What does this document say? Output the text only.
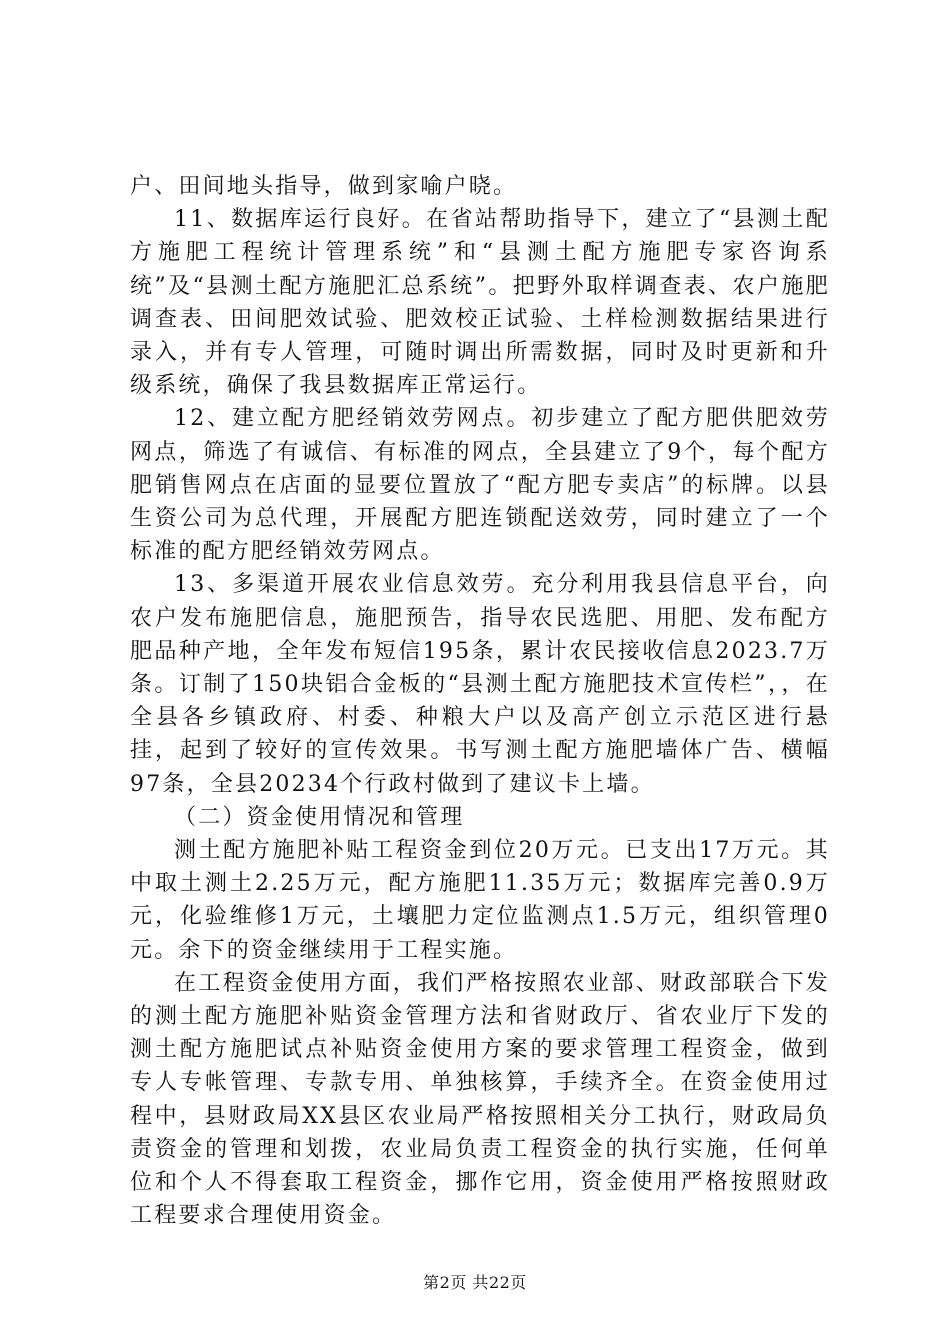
户、田间地头指导，做到家喻户晓。

11、数据库运行良好。在省站帮助指导下，建立了“县测土配方施肥工程统计管理系统”和“县测土配方施肥专家咨询系统”及“县测土配方施肥汇总系统”。把野外取样调查表、农户施肥调查表、田间肥效试验、肥效校正试验、土样检测数据结果进行录入，并有专人管理，可随时调出所需数据，同时及时更新和升级系统，确保了我县数据库正常运行。

12、建立配方肥经销效劳网点。初步建立了配方肥供肥效劳网点，筛选了有诚信、有标准的网点，全县建立了9个，每个配方肥销售网点在店面的显要位置放了“配方肥专卖店”的标牌。以县生资公司为总代理，开展配方肥连锁配送效劳，同时建立了一个标准的配方肥经销效劳网点。

13、多渠道开展农业信息效劳。充分利用我县信息平台，向农户发布施肥信息，施肥预告，指导农民选肥、用肥、发布配方肥品种产地，全年发布短信195条，累计农民接收信息2023.7万条。订制了150块铝合金板的“县测土配方施肥技术宣传栏”，，在全县各乡镇政府、村委、种粮大户以及高产创立示范区进行悬挂，起到了较好的宣传效果。书写测土配方施肥墙体广告、横幅97条，全县20234个行政村做到了建议卡上墙。

（二）资金使用情况和管理

测土配方施肥补贴工程资金到位20万元。已支出17万元。其中取土测土2.25万元，配方施肥11.35万元；数据库完善0.9万元，化验维修1万元，土壤肥力定位监测点1.5万元，组织管理0元。余下的资金继续用于工程实施。

在工程资金使用方面，我们严格按照农业部、财政部联合下发的测土配方施肥补贴资金管理方法和省财政厅、省农业厅下发的测土配方施肥试点补贴资金使用方案的要求管理工程资金，做到专人专帐管理、专款专用、单独核算，手续齐全。在资金使用过程中，县财政局XX县区农业局严格按照相关分工执行，财政局负责资金的管理和划拨，农业局负责工程资金的执行实施，任何单位和个人不得套取工程资金，挪作它用，资金使用严格按照财政工程要求合理使用资金。

第2页 共22页
